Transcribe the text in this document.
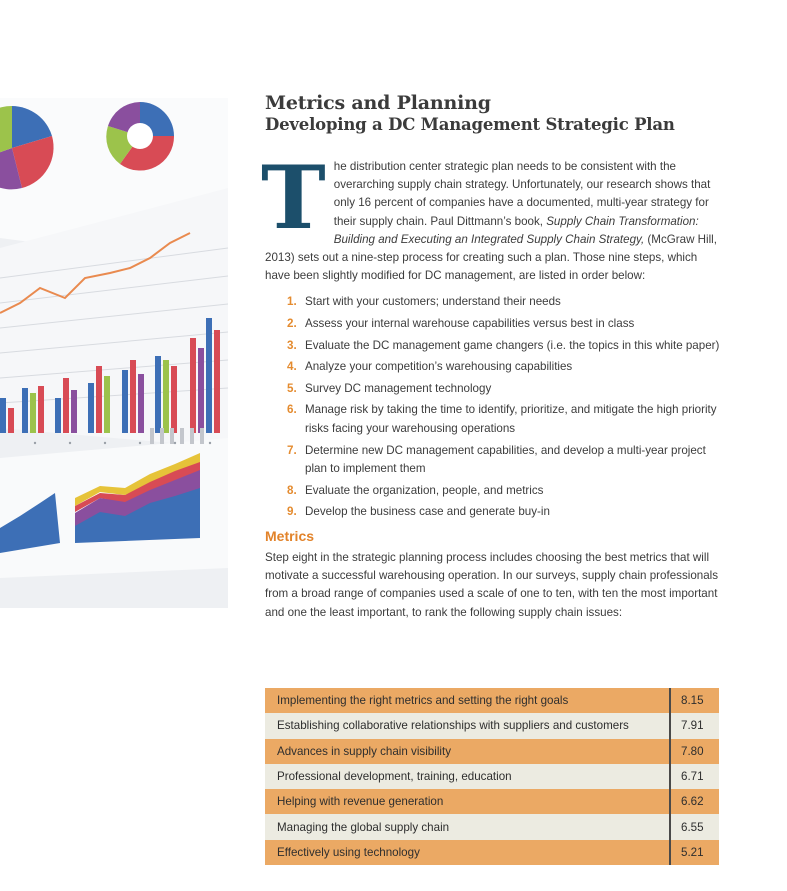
Metrics and Planning
Developing a DC Management Strategic Plan
T he distribution center strategic plan needs to be consistent with the overarching supply chain strategy. Unfortunately, our research shows that only 16 percent of companies have a documented, multi-year strategy for their supply chain. Paul Dittmann’s book, Supply Chain Transformation: Building and Executing an Integrated Supply Chain Strategy, (McGraw Hill, 2013) sets out a nine-step process for creating such a plan. Those nine steps, which have been slightly modified for DC management, are listed in order below:
1. Start with your customers; understand their needs
2. Assess your internal warehouse capabilities versus best in class
3. Evaluate the DC management game changers (i.e. the topics in this white paper)
4. Analyze your competition’s warehousing capabilities
5. Survey DC management technology
6. Manage risk by taking the time to identify, prioritize, and mitigate the high priority risks facing your warehousing operations
7. Determine new DC management capabilities, and develop a multi-year project plan to implement them
8. Evaluate the organization, people, and metrics
9. Develop the business case and generate buy-in
Metrics

Step eight in the strategic planning process includes choosing the best metrics that will motivate a successful warehousing operation. In our surveys, supply chain professionals from a broad range of companies used a scale of one to ten, with ten the most important and one the least important, to rank the following supply chain issues:

Implementing the right metrics and setting the right goals	8.15
Establishing collaborative relationships with suppliers and customers	7.91
Advances in supply chain visibility	7.80
Professional development, training, education	6.71
Helping with revenue generation	6.62
Managing the global supply chain	6.55
Effectively using technology	5.21
